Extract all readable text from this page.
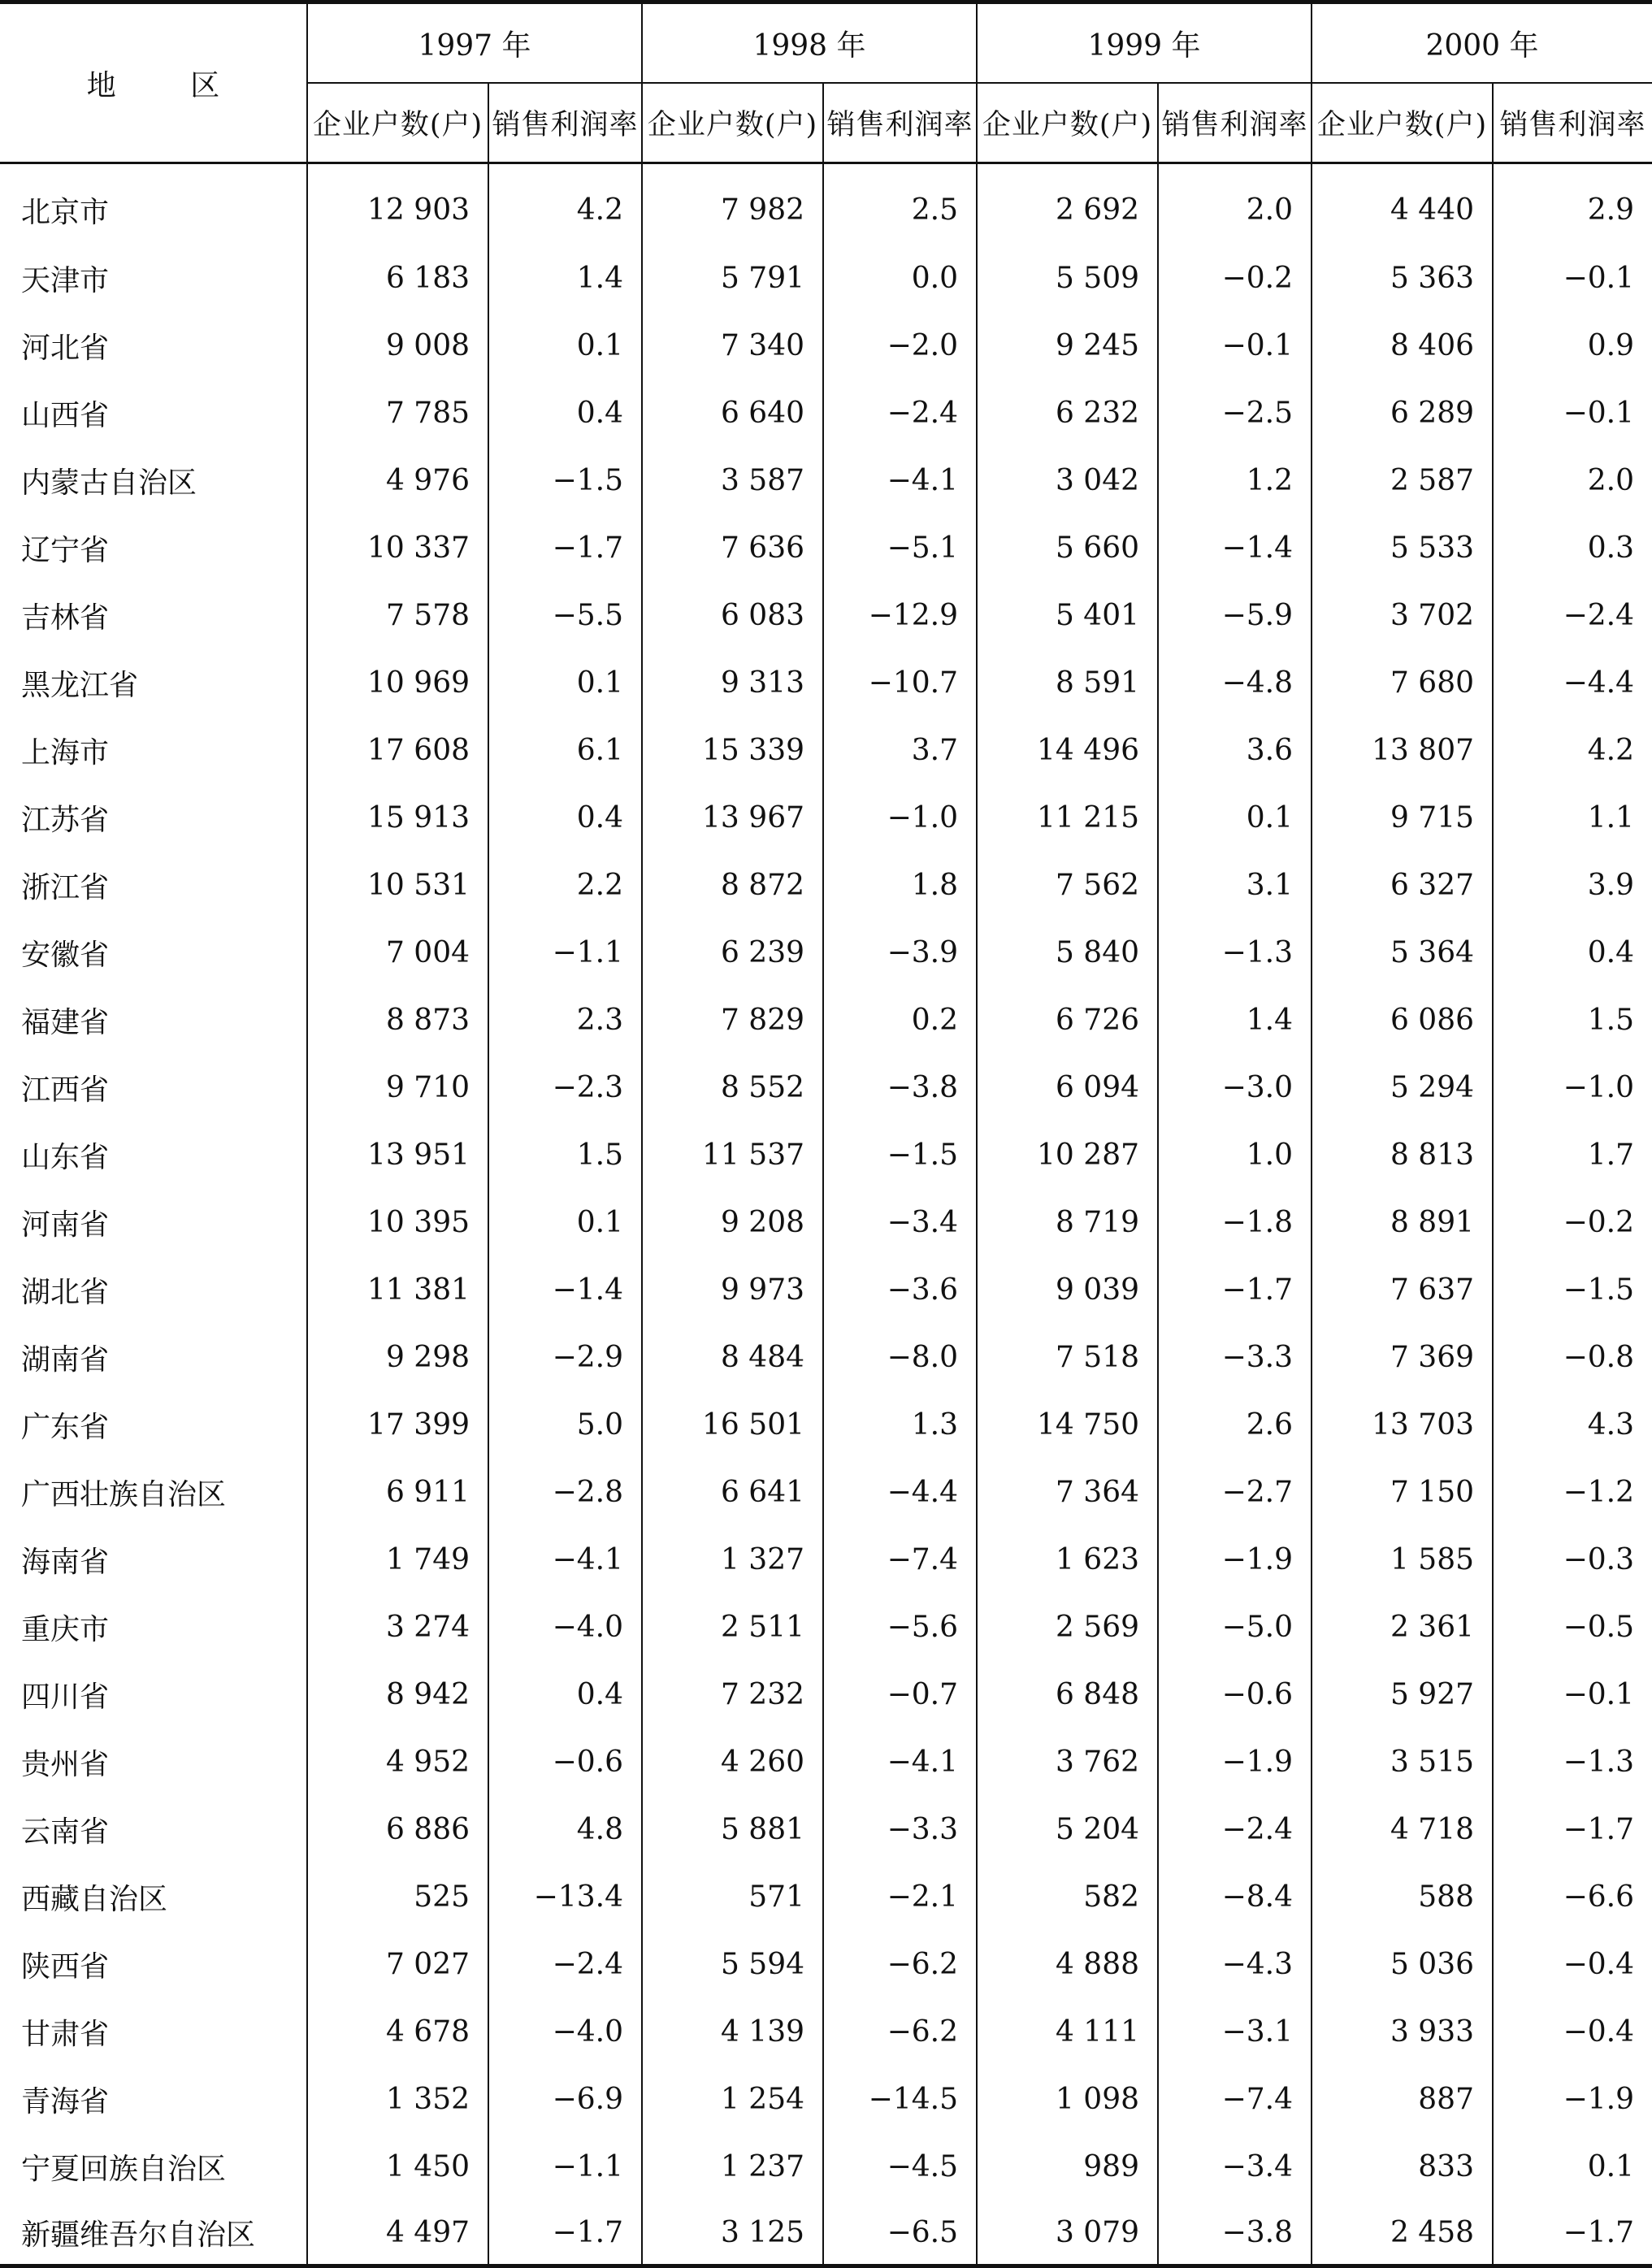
地 区	1997 年		1998 年		1999 年		2000 年	
	企业户数(户)	销售利润率	企业户数(户)	销售利润率	企业户数(户)	销售利润率	企业户数(户)	销售利润率
北京市	12 903	4.2	7 982	2.5	2 692	2.0	4 440	2.9
天津市	6 183	1.4	5 791	0.0	5 509	−0.2	5 363	−0.1
河北省	9 008	0.1	7 340	−2.0	9 245	−0.1	8 406	0.9
山西省	7 785	0.4	6 640	−2.4	6 232	−2.5	6 289	−0.1
内蒙古自治区	4 976	−1.5	3 587	−4.1	3 042	1.2	2 587	2.0
辽宁省	10 337	−1.7	7 636	−5.1	5 660	−1.4	5 533	0.3
吉林省	7 578	−5.5	6 083	−12.9	5 401	−5.9	3 702	−2.4
黑龙江省	10 969	0.1	9 313	−10.7	8 591	−4.8	7 680	−4.4
上海市	17 608	6.1	15 339	3.7	14 496	3.6	13 807	4.2
江苏省	15 913	0.4	13 967	−1.0	11 215	0.1	9 715	1.1
浙江省	10 531	2.2	8 872	1.8	7 562	3.1	6 327	3.9
安徽省	7 004	−1.1	6 239	−3.9	5 840	−1.3	5 364	0.4
福建省	8 873	2.3	7 829	0.2	6 726	1.4	6 086	1.5
江西省	9 710	−2.3	8 552	−3.8	6 094	−3.0	5 294	−1.0
山东省	13 951	1.5	11 537	−1.5	10 287	1.0	8 813	1.7
河南省	10 395	0.1	9 208	−3.4	8 719	−1.8	8 891	−0.2
湖北省	11 381	−1.4	9 973	−3.6	9 039	−1.7	7 637	−1.5
湖南省	9 298	−2.9	8 484	−8.0	7 518	−3.3	7 369	−0.8
广东省	17 399	5.0	16 501	1.3	14 750	2.6	13 703	4.3
广西壮族自治区	6 911	−2.8	6 641	−4.4	7 364	−2.7	7 150	−1.2
海南省	1 749	−4.1	1 327	−7.4	1 623	−1.9	1 585	−0.3
重庆市	3 274	−4.0	2 511	−5.6	2 569	−5.0	2 361	−0.5
四川省	8 942	0.4	7 232	−0.7	6 848	−0.6	5 927	−0.1
贵州省	4 952	−0.6	4 260	−4.1	3 762	−1.9	3 515	−1.3
云南省	6 886	4.8	5 881	−3.3	5 204	−2.4	4 718	−1.7
西藏自治区	525	−13.4	571	−2.1	582	−8.4	588	−6.6
陕西省	7 027	−2.4	5 594	−6.2	4 888	−4.3	5 036	−0.4
甘肃省	4 678	−4.0	4 139	−6.2	4 111	−3.1	3 933	−0.4
青海省	1 352	−6.9	1 254	−14.5	1 098	−7.4	887	−1.9
宁夏回族自治区	1 450	−1.1	1 237	−4.5	989	−3.4	833	0.1
新疆维吾尔自治区	4 497	−1.7	3 125	−6.5	3 079	−3.8	2 458	−1.7
